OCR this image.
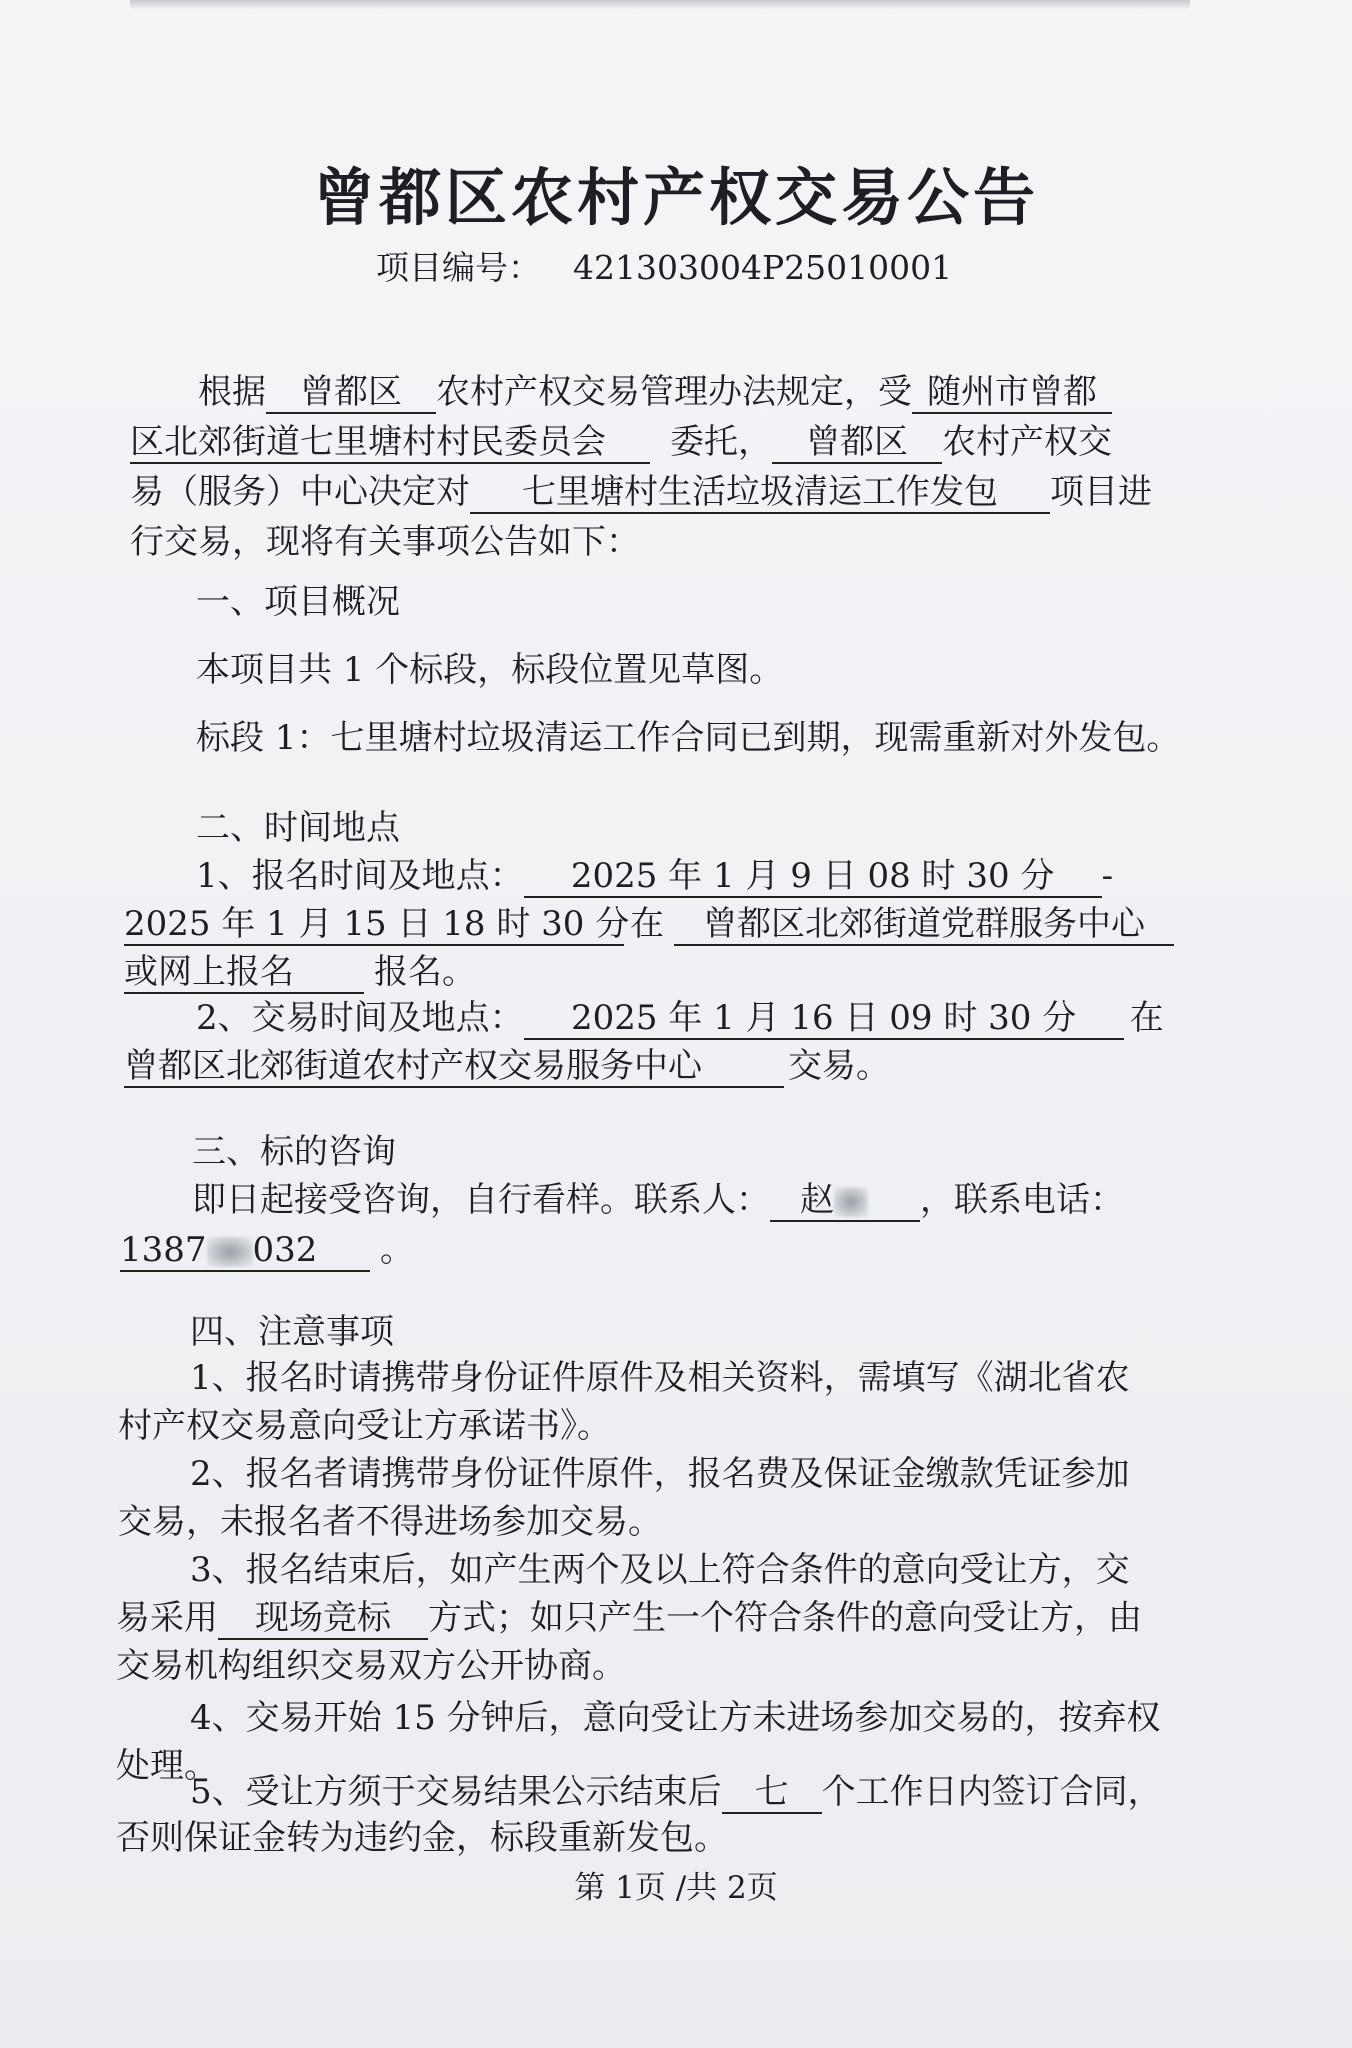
曾都区农村产权交易公告
项目编号： 421303004P25010001
根据 曾都区 农村产权交易管理办法规定，受 随州市曾都
区北郊街道七里塘村村民委员会 委托， 曾都区 农村产权交
易（服务）中心决定对 七里塘村生活垃圾清运工作发包 项目进
行交易，现将有关事项公告如下：
一、项目概况
本项目共 1 个标段，标段位置见草图。
标段 1：七里塘村垃圾清运工作合同已到期，现需重新对外发包。
二、时间地点
1、报名时间及地点： 2025 年 1 月 9 日 08 时 30 分 -
2025 年 1 月 15 日 18 时 30 分在 曾都区北郊街道党群服务中心
或网上报名 报名。
2、交易时间及地点： 2025 年 1 月 16 日 09 时 30 分 在
曾都区北郊街道农村产权交易服务中心	交易。
三、标的咨询
即日起接受咨询，自行看样。联系人： 赵	，联系电话：
1387 032 。
四、注意事项
1、报名时请携带身份证件原件及相关资料，需填写《湖北省农
村产权交易意向受让方承诺书》。
2、报名者请携带身份证件原件，报名费及保证金缴款凭证参加
交易，未报名者不得进场参加交易。
3、报名结束后，如产生两个及以上符合条件的意向受让方，交
易采用 现场竞标 方式；如只产生一个符合条件的意向受让方，由
交易机构组织交易双方公开协商。
4、交易开始 15 分钟后，意向受让方未进场参加交易的，按弃权
处理。
5、受让方须于交易结果公示结束后 七 个工作日内签订合同，
否则保证金转为违约金，标段重新发包。
第 1页 /共 2页
